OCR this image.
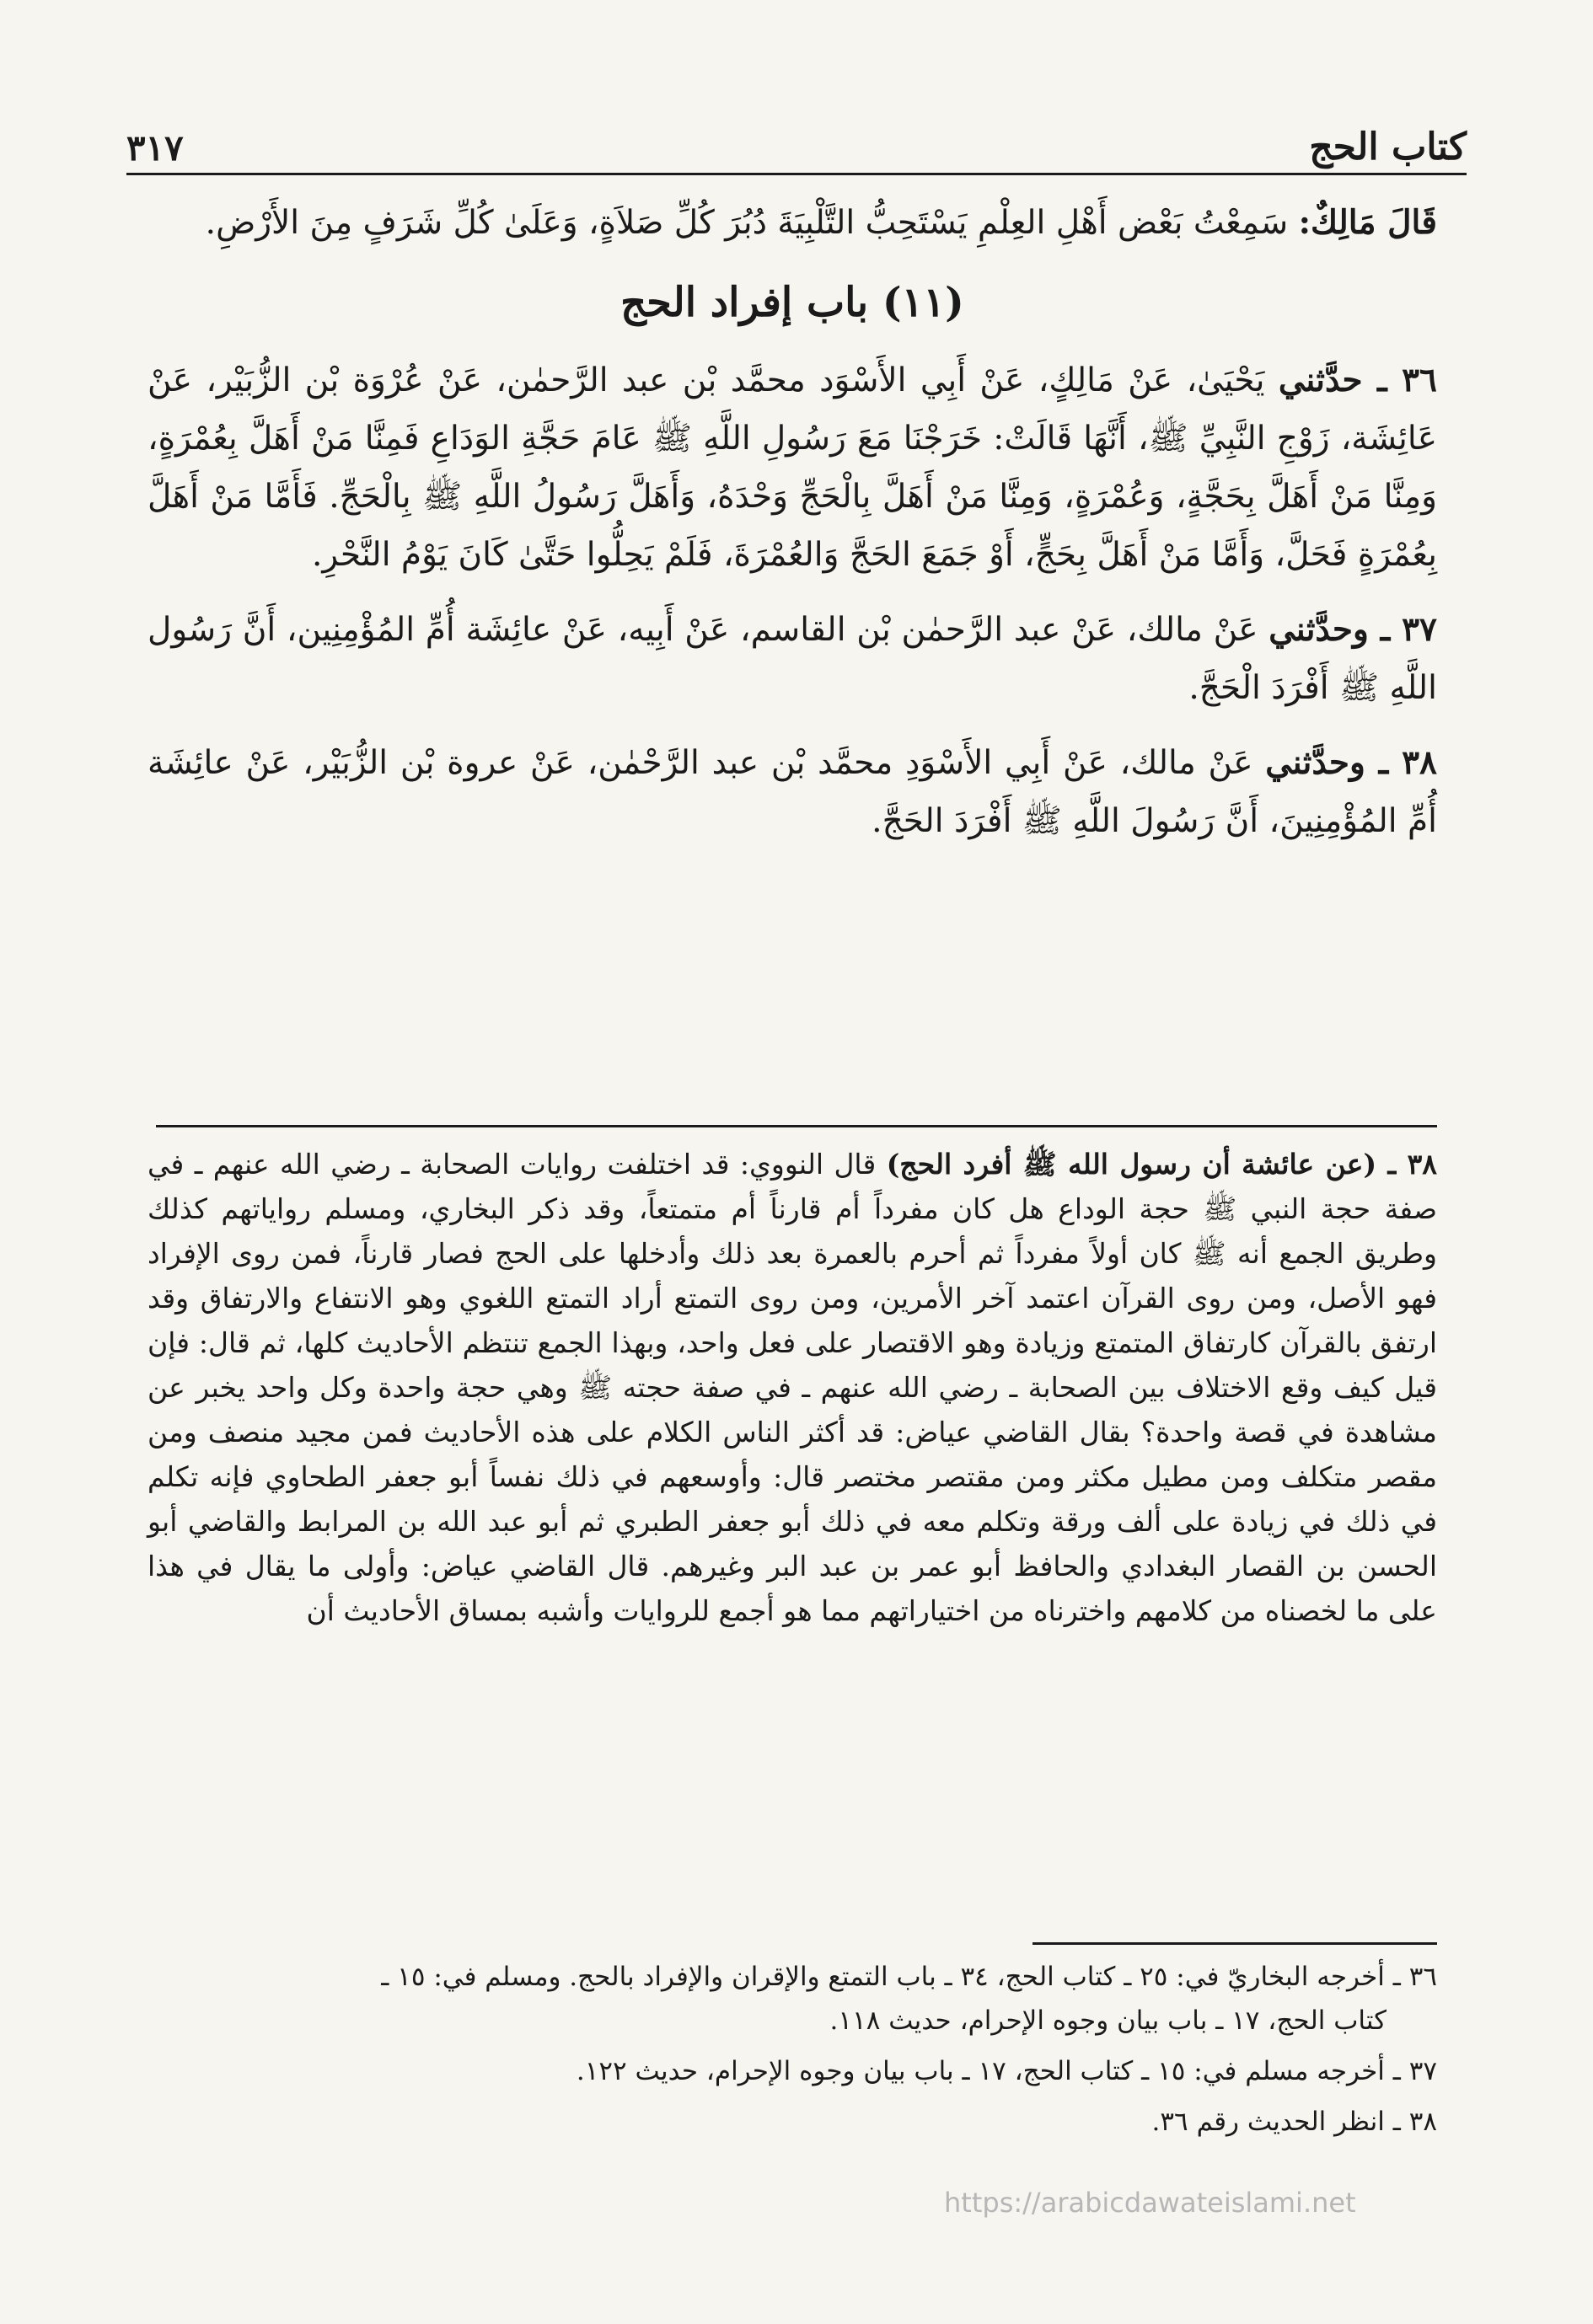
كتاب الحج
٣١٧

قَالَ مَالِكٌ: سَمِعْتُ بَعْض أَهْلِ العِلْمِ يَسْتَحِبُّ التَّلْبِيَةَ دُبُرَ كُلِّ صَلاَةٍ، وَعَلَىٰ كُلِّ شَرَفٍ مِنَ الأَرْضِ.

(١١) باب إفراد الحج

٣٦ ـ حدَّثني يَحْيَىٰ، عَنْ مَالِكٍ، عَنْ أَبِي الأَسْوَد محمَّد بْن عبد الرَّحمٰن، عَنْ عُرْوَة بْن الزُّبَيْر، عَنْ عَائِشَة، زَوْجِ النَّبِيِّ ﷺ، أَنَّهَا قَالَتْ: خَرَجْنَا مَعَ رَسُولِ اللَّهِ ﷺ عَامَ حَجَّةِ الوَدَاعِ فَمِنَّا مَنْ أَهَلَّ بِعُمْرَةٍ، وَمِنَّا مَنْ أَهَلَّ بِحَجَّةٍ، وَعُمْرَةٍ، وَمِنَّا مَنْ أَهَلَّ بِالْحَجِّ وَحْدَهُ، وَأَهَلَّ رَسُولُ اللَّهِ ﷺ بِالْحَجِّ. فَأَمَّا مَنْ أَهَلَّ بِعُمْرَةٍ فَحَلَّ، وَأَمَّا مَنْ أَهَلَّ بِحَجٍّ، أَوْ جَمَعَ الحَجَّ وَالعُمْرَةَ، فَلَمْ يَحِلُّوا حَتَّىٰ كَانَ يَوْمُ النَّحْرِ.

٣٧ ـ وحدَّثني عَنْ مالك، عَنْ عبد الرَّحمٰن بْن القاسم، عَنْ أَبِيه، عَنْ عائِشَة أُمِّ المُؤْمِنِين، أَنَّ رَسُول اللَّهِ ﷺ أَفْرَدَ الْحَجَّ.

٣٨ ـ وحدَّثني عَنْ مالك، عَنْ أَبِي الأَسْوَدِ محمَّد بْن عبد الرَّحْمٰن، عَنْ عروة بْن الزُّبَيْر، عَنْ عائِشَة أُمِّ المُؤْمِنِينَ، أَنَّ رَسُولَ اللَّهِ ﷺ أَفْرَدَ الحَجَّ.

٣٨ ـ (عن عائشة أن رسول الله ﷺ أفرد الحج) قال النووي: قد اختلفت روايات الصحابة ـ رضي الله عنهم ـ في صفة حجة النبي ﷺ حجة الوداع هل كان مفرداً أم قارناً أم متمتعاً، وقد ذكر البخاري، ومسلم رواياتهم كذلك وطريق الجمع أنه ﷺ كان أولاً مفرداً ثم أحرم بالعمرة بعد ذلك وأدخلها على الحج فصار قارناً، فمن روى الإفراد فهو الأصل، ومن روى القرآن اعتمد آخر الأمرين، ومن روى التمتع أراد التمتع اللغوي وهو الانتفاع والارتفاق وقد ارتفق بالقرآن كارتفاق المتمتع وزيادة وهو الاقتصار على فعل واحد، وبهذا الجمع تنتظم الأحاديث كلها، ثم قال: فإن قيل كيف وقع الاختلاف بين الصحابة ـ رضي الله عنهم ـ في صفة حجته ﷺ وهي حجة واحدة وكل واحد يخبر عن مشاهدة في قصة واحدة؟ بقال القاضي عياض: قد أكثر الناس الكلام على هذه الأحاديث فمن مجيد منصف ومن مقصر متكلف ومن مطيل مكثر ومن مقتصر مختصر قال: وأوسعهم في ذلك نفساً أبو جعفر الطحاوي فإنه تكلم في ذلك في زيادة على ألف ورقة وتكلم معه في ذلك أبو جعفر الطبري ثم أبو عبد الله بن المرابط والقاضي أبو الحسن بن القصار البغدادي والحافظ أبو عمر بن عبد البر وغيرهم. قال القاضي عياض: وأولى ما يقال في هذا على ما لخصناه من كلامهم واخترناه من اختياراتهم مما هو أجمع للروايات وأشبه بمساق الأحاديث أن

٣٦ ـ أخرجه البخاريّ في: ٢٥ ـ كتاب الحج، ٣٤ ـ باب التمتع والإقران والإفراد بالحج. ومسلم في: ١٥ ـ
كتاب الحج، ١٧ ـ باب بيان وجوه الإحرام، حديث ١١٨.

٣٧ ـ أخرجه مسلم في: ١٥ ـ كتاب الحج، ١٧ ـ باب بيان وجوه الإحرام، حديث ١٢٢.

٣٨ ـ انظر الحديث رقم ٣٦.

https://arabicdawateislami.net
